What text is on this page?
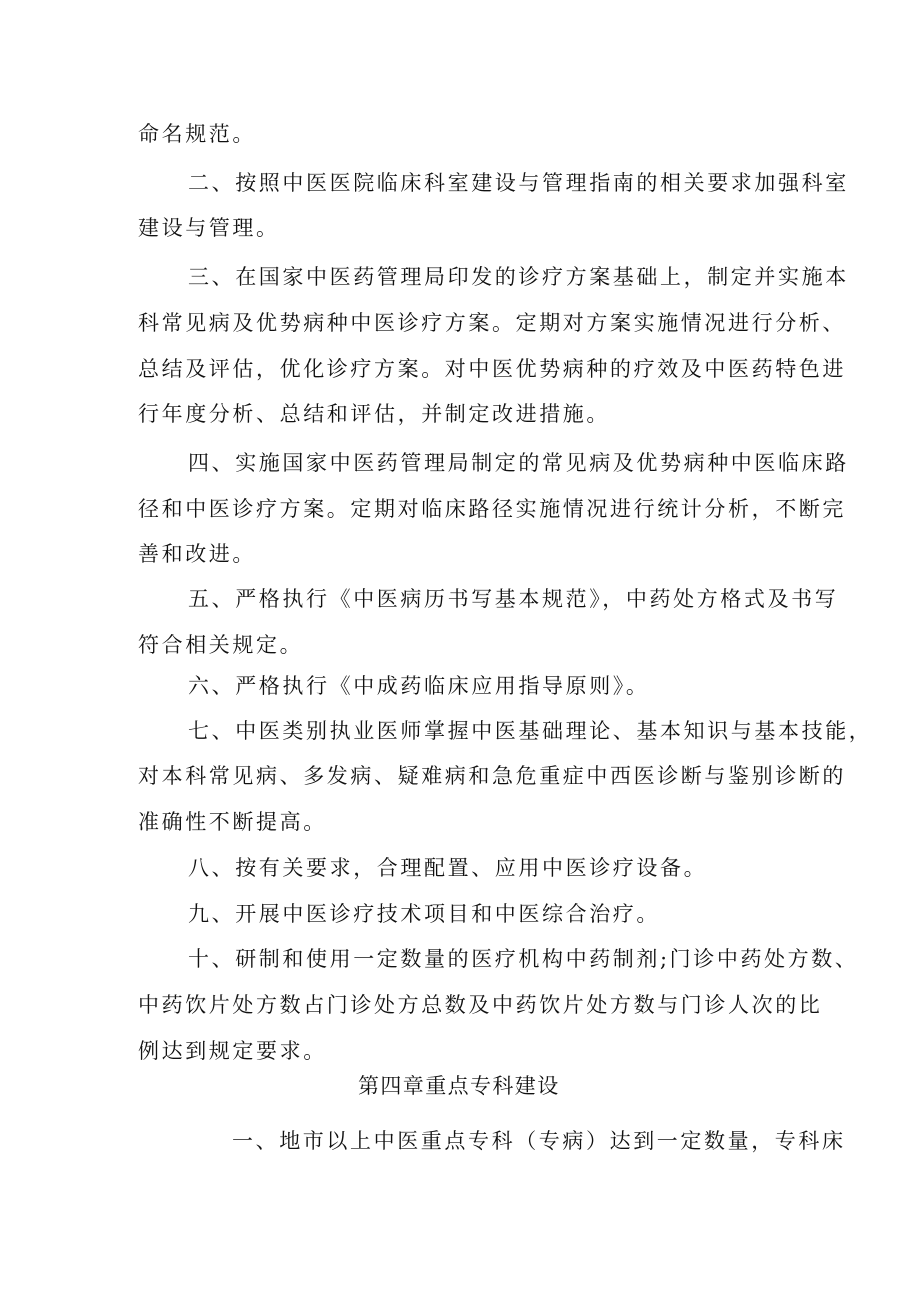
命名规范。
二、按照中医医院临床科室建设与管理指南的相关要求加强科室
建设与管理。
三、在国家中医药管理局印发的诊疗方案基础上，制定并实施本
科常见病及优势病种中医诊疗方案。定期对方案实施情况进行分析、
总结及评估，优化诊疗方案。对中医优势病种的疗效及中医药特色进
行年度分析、总结和评估，并制定改进措施。
四、实施国家中医药管理局制定的常见病及优势病种中医临床路
径和中医诊疗方案。定期对临床路径实施情况进行统计分析，不断完
善和改进。
五、严格执行《中医病历书写基本规范》，中药处方格式及书写
符合相关规定。
六、严格执行《中成药临床应用指导原则》。
七、中医类别执业医师掌握中医基础理论、基本知识与基本技能，
对本科常见病、多发病、疑难病和急危重症中西医诊断与鉴别诊断的
准确性不断提高。
八、按有关要求，合理配置、应用中医诊疗设备。
九、开展中医诊疗技术项目和中医综合治疗。
十、研制和使用一定数量的医疗机构中药制剂;门诊中药处方数、
中药饮片处方数占门诊处方总数及中药饮片处方数与门诊人次的比
例达到规定要求。
第四章重点专科建设
一、地市以上中医重点专科（专病）达到一定数量，专科床
